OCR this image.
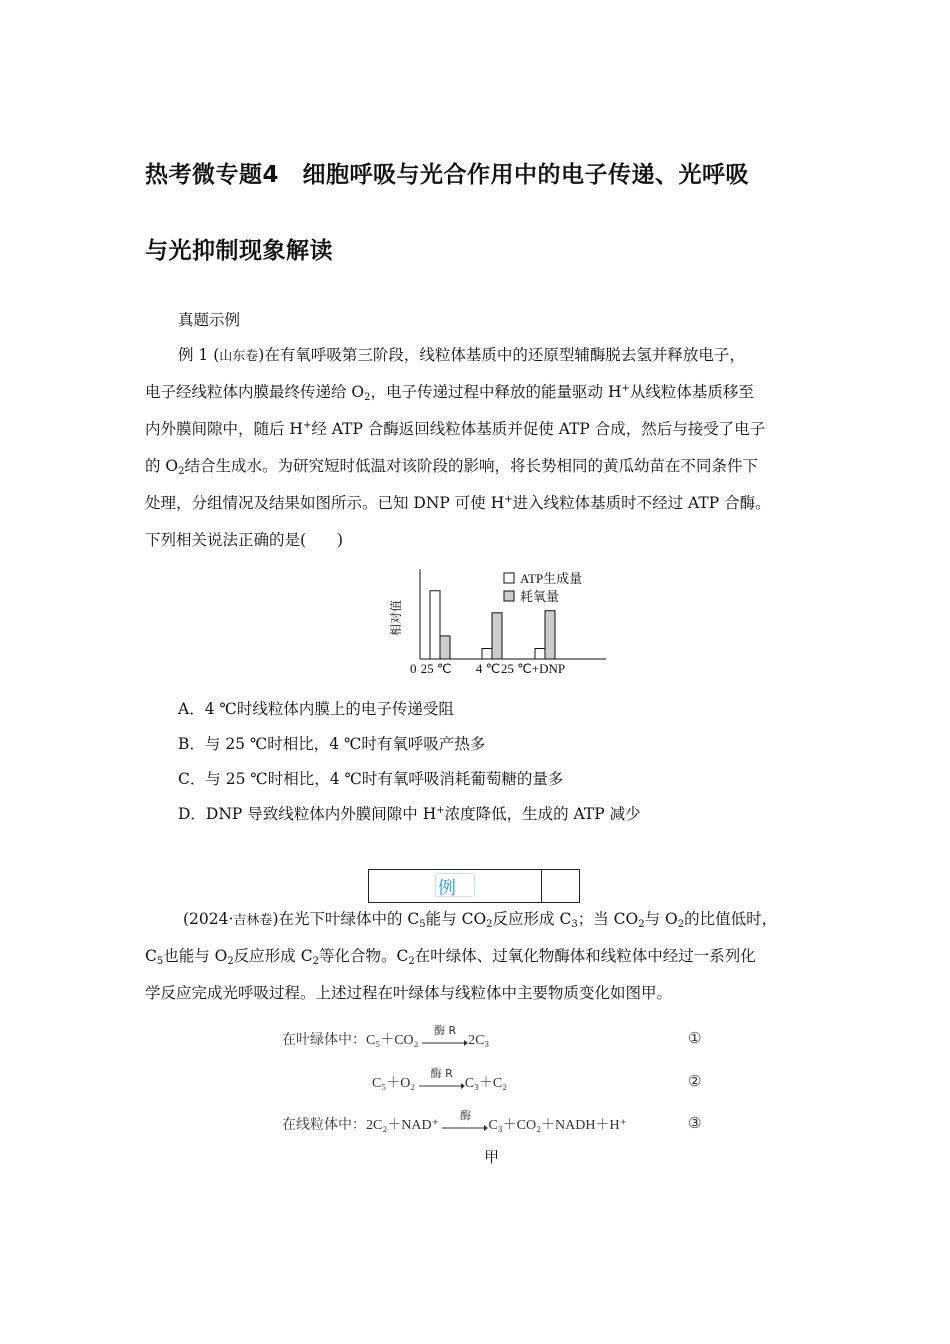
热考微专题4　细胞呼吸与光合作用中的电子传递、光呼吸
与光抑制现象解读
真题示例
例 1 (山东卷)在有氧呼吸第三阶段，线粒体基质中的还原型辅酶脱去氢并释放电子，
电子经线粒体内膜最终传递给 $O_2$，电子传递过程中释放的能量驱动 H+从线粒体基质移至
内外膜间隙中，随后 H+经 ATP 合酶返回线粒体基质并促使 ATP 合成，然后与接受了电子
的 $O_2$结合生成水。为研究短时低温对该阶段的影响，将长势相同的黄瓜幼苗在不同条件下
处理，分组情况及结果如图所示。已知 DNP 可使 H+进入线粒体基质时不经过 ATP 合酶。
下列相关说法正确的是(　　)
相对值
0 25 ℃ 4 ℃ 25 ℃+DNP
ATP生成量
耗氧量
A．4 ℃时线粒体内膜上的电子传递受阻
B．与 25 ℃时相比，4 ℃时有氧呼吸产热多
C．与 25 ℃时相比，4 ℃时有氧呼吸消耗葡萄糖的量多
D．DNP 导致线粒体内外膜间隙中 H+浓度降低，生成的 ATP 减少
例
(2024·吉林卷)在光下叶绿体中的 $C_5$能与 $CO_2$反应形成 $C_3$；当 $CO_2$与 $O_2$的比值低时，
$C_5$也能与 $O_2$反应形成 $C_2$等化合物。$C_2$在叶绿体、过氧化物酶体和线粒体中经过一系列化
学反应完成光呼吸过程。上述过程在叶绿体与线粒体中主要物质变化如图甲。
在叶绿体中：C₅＋CO₂
酶 R
2C₃	①
C₅＋O₂
酶 R
C₃＋C₂	②
在线粒体中：2C₂＋NAD⁺
酶
C₃＋CO₂＋NADH＋H⁺	③
甲
